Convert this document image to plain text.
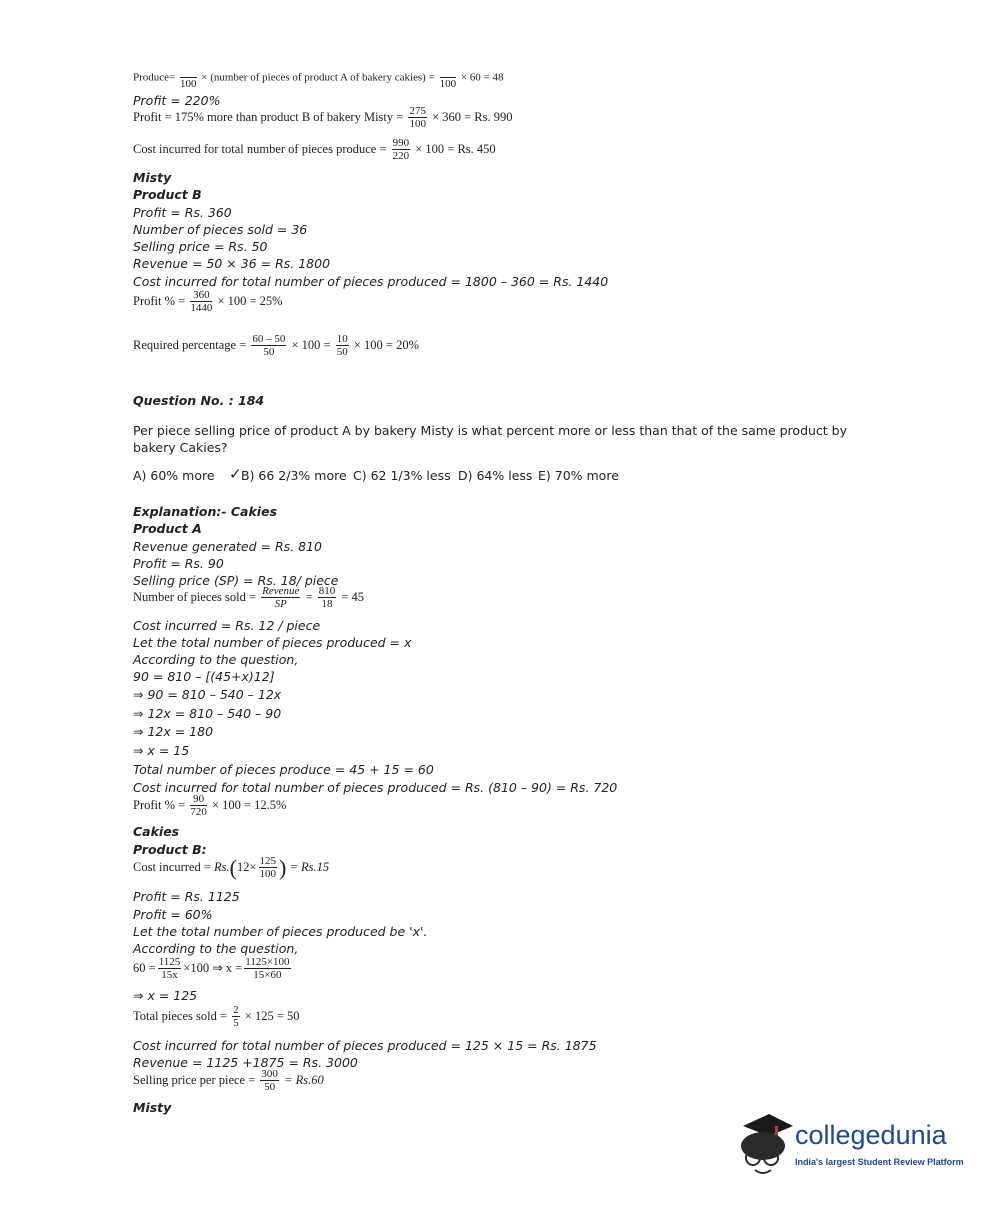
Produce=

100
× (number of pieces of product A of bakery cakies) =

100
× 60 = 48
Profit = 220%
Profit = 175% more than product B of bakery Misty = $\frac{275}{100} \times 360 = Rs$. 990
Cost incurred for total number of pieces produce = $\frac{990}{220} \times 100 = Rs$. 450
Misty
Product B
Profit = Rs. 360
Number of pieces sold = 36
Selling price = Rs. 50
Revenue = 50 × 36 = Rs. 1800
Cost incurred for total number of pieces produced = 1800 – 360 = Rs. 1440
Profit % = $\frac{360}{1440} \times 100 = 25\%$
Required percentage = $\frac{60 - 50}{50} \times 100 = \frac{10}{50} \times 100 = 20\%$
Question No. : 184
Per piece selling price of product A by bakery Misty is what percent more or less than that of the same product by bakery Cakies?
A) 60% more ✓ B) 66 2/3% more C) 62 1/3% less D) 64% less E) 70% more
Explanation:- Cakies
Product A
Revenue generated = Rs. 810
Profit = Rs. 90
Selling price (SP) = Rs. 18/ piece
Number of pieces sold = $\frac{\text{Revenue}}{SP} = \frac{810}{18} = 45$
Cost incurred = Rs. 12 / piece
Let the total number of pieces produced = x
According to the question,
90 = 810 – [(45+x)12]
⇒ 90 = 810 – 540 – 12x
⇒ 12x = 810 – 540 – 90
⇒ 12x = 180
⇒ x = 15
Total number of pieces produce = 45 + 15 = 60
Cost incurred for total number of pieces produced = Rs. (810 – 90) = Rs. 720
Profit % = $\frac{90}{720} \times 100 = 12.5\%$
Cakies
Product B:
Cost incurred = $Rs.(12\times \frac{125}{100}$ ) = Rs.15
Profit = Rs. 1125
Profit = 60%
Let the total number of pieces produced be 'x'.
According to the question,
$60 = \frac{1125}{15x} \times 100$ ⇒ $x = \frac{1125\times 100}{15\times 60}$
⇒ x = 125
Total pieces sold = $\frac{2}{5} \times 125 = 50$
Cost incurred for total number of pieces produced = 125 × 15 = Rs. 1875
Revenue = 1125 +1875 = Rs. 3000
Selling price per piece = $\frac{300}{50} = Rs.60$
Misty
collegedunia
India's largest Student Review Platform
